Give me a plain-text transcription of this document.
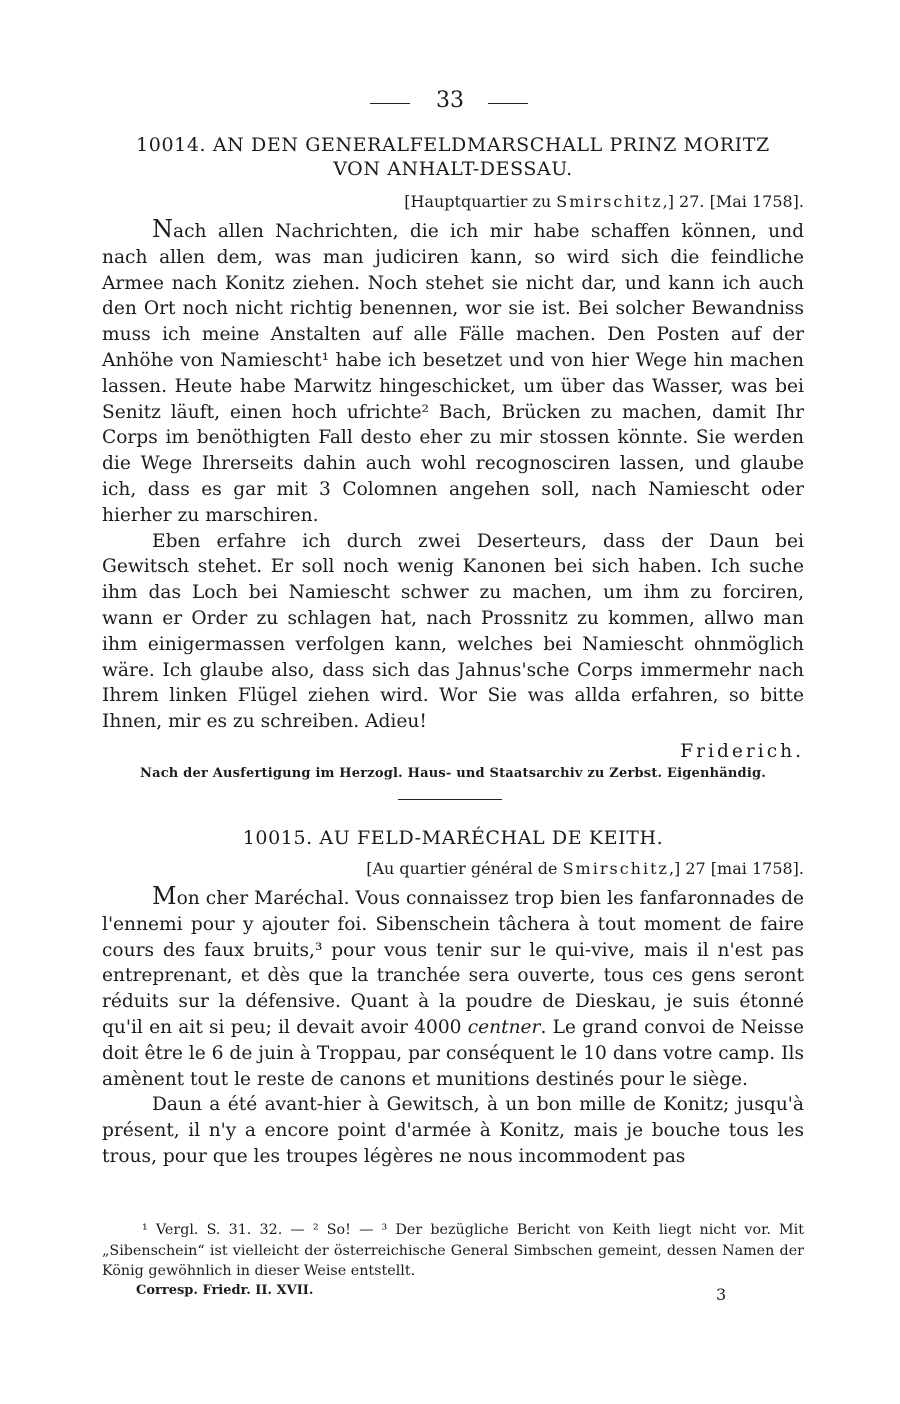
33
10014. AN DEN GENERALFELDMARSCHALL PRINZ MORITZ
VON ANHALT-DESSAU.
[Hauptquartier zu Smirschitz,] 27. [Mai 1758].

Nach allen Nachrichten, die ich mir habe schaffen können, und nach allen dem, was man judiciren kann, so wird sich die feindliche Armee nach Konitz ziehen. Noch stehet sie nicht dar, und kann ich auch den Ort noch nicht richtig benennen, wor sie ist. Bei solcher Bewandniss muss ich meine Anstalten auf alle Fälle machen. Den Posten auf der Anhöhe von Namiescht¹ habe ich besetzet und von hier Wege hin machen lassen. Heute habe Marwitz hingeschicket, um über das Wasser, was bei Senitz läuft, einen hoch ufrichte² Bach, Brücken zu machen, damit Ihr Corps im benöthigten Fall desto eher zu mir stossen könnte. Sie werden die Wege Ihrerseits dahin auch wohl recognosciren lassen, und glaube ich, dass es gar mit 3 Colomnen angehen soll, nach Namiescht oder hierher zu marschiren.

Eben erfahre ich durch zwei Deserteurs, dass der Daun bei Gewitsch stehet. Er soll noch wenig Kanonen bei sich haben. Ich suche ihm das Loch bei Namiescht schwer zu machen, um ihm zu forciren, wann er Order zu schlagen hat, nach Prossnitz zu kommen, allwo man ihm einigermassen verfolgen kann, welches bei Namiescht ohnmöglich wäre. Ich glaube also, dass sich das Jahnus'sche Corps immermehr nach Ihrem linken Flügel ziehen wird. Wor Sie was allda erfahren, so bitte Ihnen, mir es zu schreiben. Adieu!

Friderich.
Nach der Ausfertigung im Herzogl. Haus- und Staatsarchiv zu Zerbst. Eigenhändig.
10015. AU FELD-MARÉCHAL DE KEITH.
[Au quartier général de Smirschitz,] 27 [mai 1758].

Mon cher Maréchal. Vous connaissez trop bien les fanfaronnades de l'ennemi pour y ajouter foi. Sibenschein tâchera à tout moment de faire cours des faux bruits,³ pour vous tenir sur le qui-vive, mais il n'est pas entreprenant, et dès que la tranchée sera ouverte, tous ces gens seront réduits sur la défensive. Quant à la poudre de Dieskau, je suis étonné qu'il en ait si peu; il devait avoir 4000 centner. Le grand convoi de Neisse doit être le 6 de juin à Troppau, par conséquent le 10 dans votre camp. Ils amènent tout le reste de canons et munitions destinés pour le siège.

Daun a été avant-hier à Gewitsch, à un bon mille de Konitz; jusqu'à présent, il n'y a encore point d'armée à Konitz, mais je bouche tous les trous, pour que les troupes légères ne nous incommodent pas

¹ Vergl. S. 31. 32. — ² So! — ³ Der bezügliche Bericht von Keith liegt nicht vor. Mit „Sibenschein“ ist vielleicht der österreichische General Simbschen gemeint, dessen Namen der König gewöhnlich in dieser Weise entstellt.
Corresp. Friedr. II. XVII.	3
